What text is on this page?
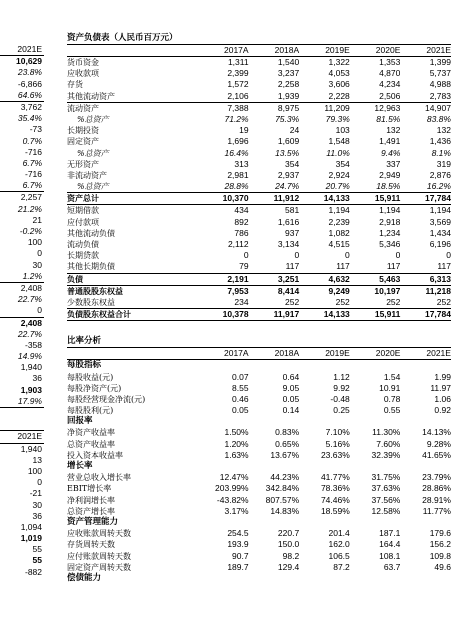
2021E
10,629
23.8%
-6,866
64.6%
3,762
35.4%
-73
0.7%
-716
6.7%
-716
6.7%
2,257
21.2%
21
-0.2%
100
0
30
1.2%
2,408
22.7%
0
2,408
22.7%
-358
14.9%
1,940
36
1,903
17.9%
2021E
1,940
13
100
0
-21
30
36
1,094
1,019
55
55
-882
资产负债表（人民币百万元）
2017A	2018A	2019E	2020E	2021E
货币资金	1,311	1,540	1,322	1,353	1,399
应收款项	2,399	3,237	4,053	4,870	5,737
存货	1,572	2,258	3,606	4,234	4,988
其他流动资产	2,106	1,939	2,228	2,506	2,783
流动资产	7,388	8,975	11,209	12,963	14,907
%总资产	71.2%	75.3%	79.3%	81.5%	83.8%
长期投资	19	24	103	132	132
固定资产	1,696	1,609	1,548	1,491	1,436
%总资产	16.4%	13.5%	11.0%	9.4%	8.1%
无形资产	313	354	354	337	319
非流动资产	2,981	2,937	2,924	2,949	2,876
%总资产	28.8%	24.7%	20.7%	18.5%	16.2%
资产总计	10,370	11,912	14,133	15,911	17,784
短期借款	434	581	1,194	1,194	1,194
应付款项	892	1,616	2,239	2,918	3,569
其他流动负债	786	937	1,082	1,234	1,434
流动负债	2,112	3,134	4,515	5,346	6,196
长期贷款	0	0	0	0	0
其他长期负债	79	117	117	117	117
负债	2,191	3,251	4,632	5,463	6,313
普通股股东权益	7,953	8,414	9,249	10,197	11,218
少数股东权益	234	252	252	252	252
负债股东权益合计	10,378	11,917	14,133	15,911	17,784
比率分析
2017A	2018A	2019E	2020E	2021E
每股指标
每股收益(元)	0.07	0.64	1.12	1.54	1.99
每股净资产(元)	8.55	9.05	9.92	10.91	11.97
每股经营现金净流(元)	0.46	0.05	-0.48	0.78	1.06
每股股利(元)	0.05	0.14	0.25	0.55	0.92
回报率
净资产收益率	1.50%	0.83%	7.10%	11.30%	14.13%
总资产收益率	1.20%	0.65%	5.16%	7.60%	9.28%
投入资本收益率	1.63%	13.67%	23.63%	32.39%	41.65%
增长率
营业总收入增长率	12.47%	44.23%	41.77%	31.75%	23.79%
EBIT增长率	203.99%	342.84%	78.36%	37.63%	28.86%
净利润增长率	-43.82%	807.57%	74.46%	37.56%	28.91%
总资产增长率	3.17%	14.83%	18.59%	12.58%	11.77%
资产管理能力
应收账款周转天数	254.5	220.7	201.4	187.1	179.6
存货周转天数	193.9	150.0	162.0	164.4	156.2
应付账款周转天数	90.7	98.2	106.5	108.1	109.8
固定资产周转天数	189.7	129.4	87.2	63.7	49.6
偿债能力
